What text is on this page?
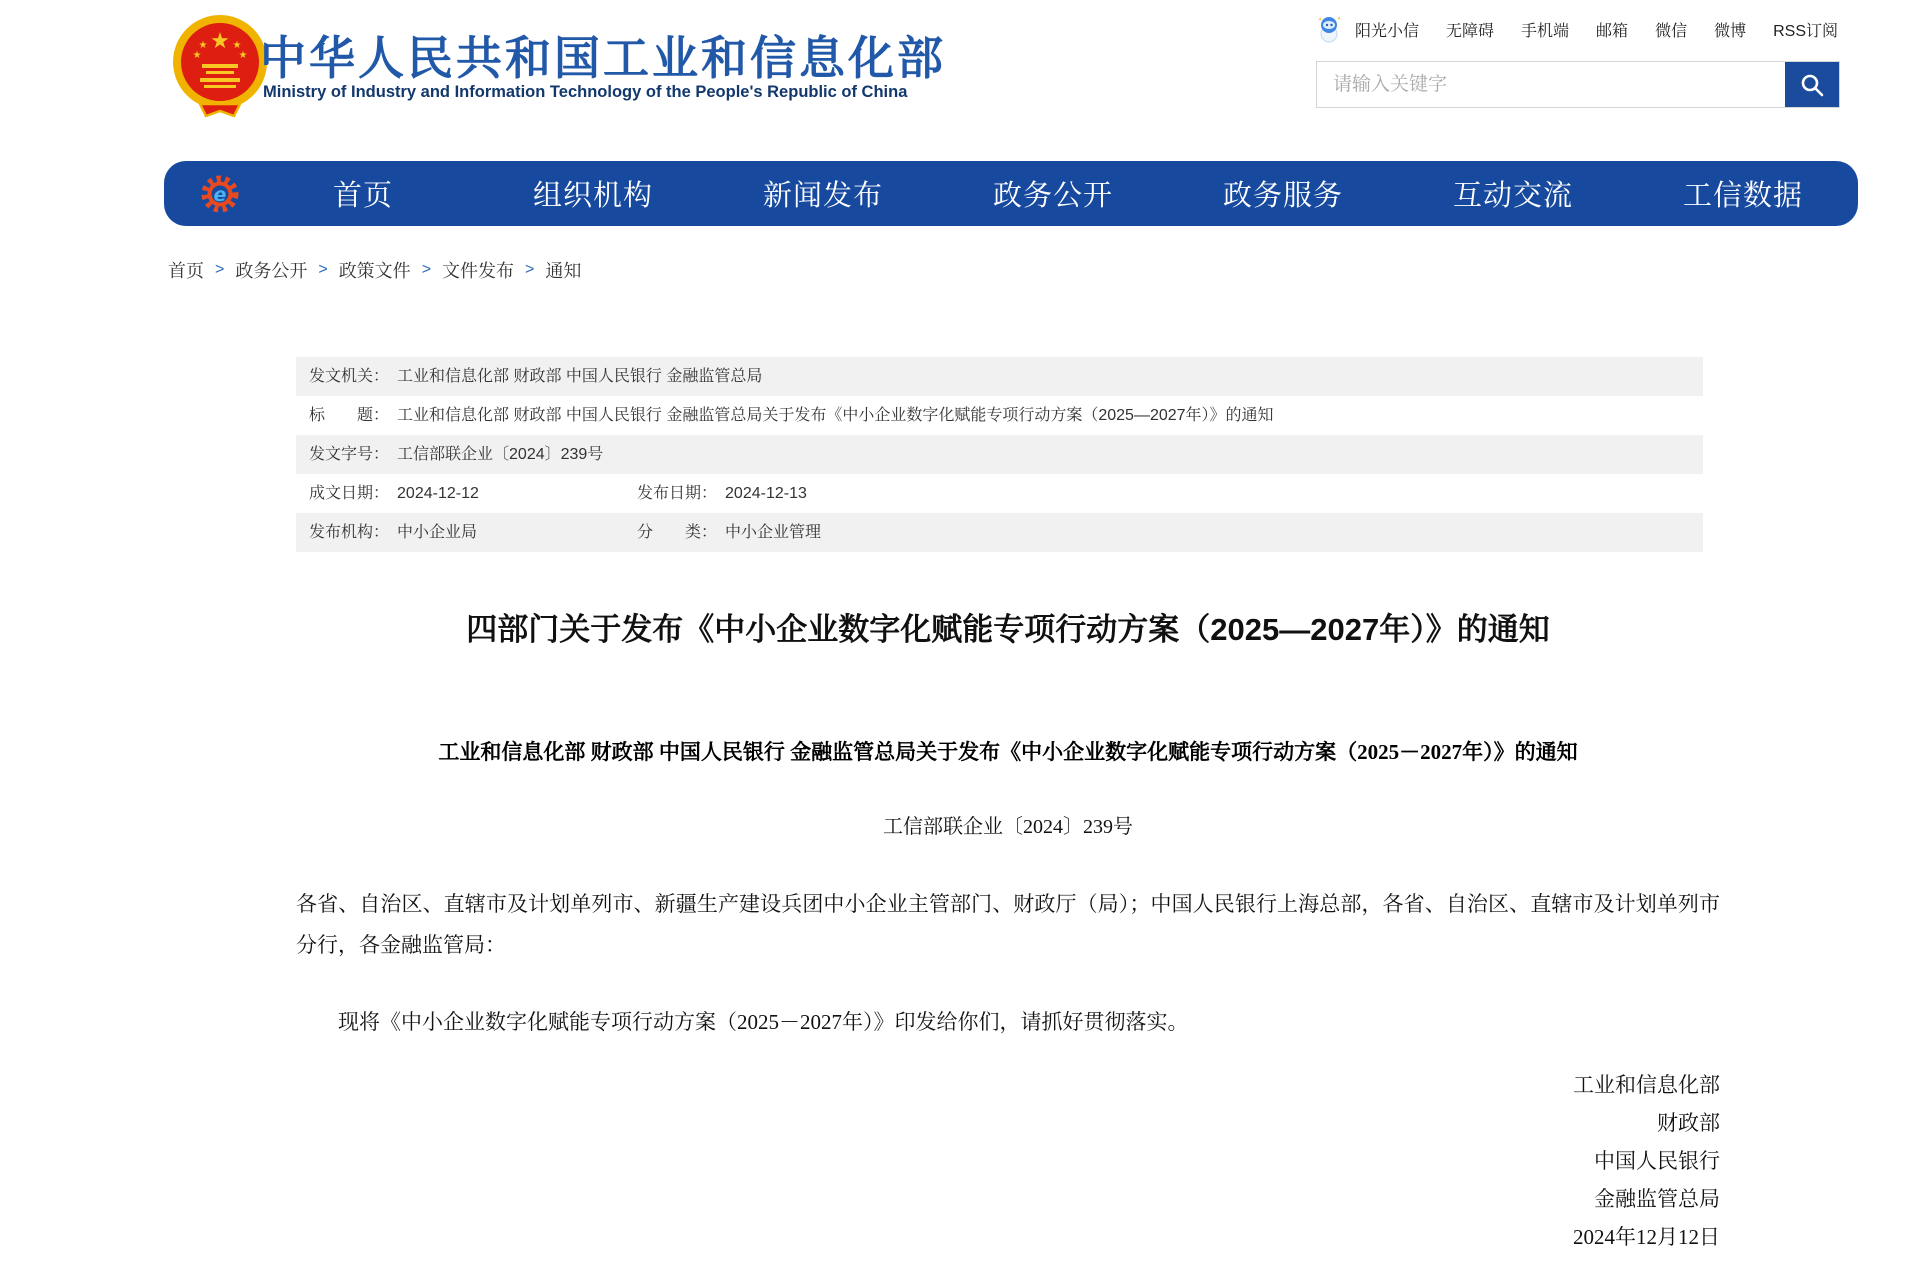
★
★	★
★	★ 中华人民共和国工业和信息化部
Ministry of Industry and Information Technology of the People's Republic of China
✦	✦
阳光小信 无障碍 手机端 邮箱 微信 微博 RSS订阅
请输入关键字
e	首页	组织机构	新闻发布	政务公开	政务服务	互动交流	工信数据
首页 > 政务公开 > 政策文件 > 文件发布 > 通知
发文机关： 工业和信息化部 财政部 中国人民银行 金融监管总局
标　　题： 工业和信息化部 财政部 中国人民银行 金融监管总局关于发布《中小企业数字化赋能专项行动方案（2025—2027年）》的通知
发文字号： 工信部联企业〔2024〕239号
成文日期： 2024-12-12	发布日期： 2024-12-13
发布机构： 中小企业局	分　　类： 中小企业管理
四部门关于发布《中小企业数字化赋能专项行动方案（2025—2027年）》的通知
工业和信息化部 财政部 中国人民银行 金融监管总局关于发布《中小企业数字化赋能专项行动方案（2025－2027年）》的通知
工信部联企业〔2024〕239号
各省、自治区、直辖市及计划单列市、新疆生产建设兵团中小企业主管部门、财政厅（局）；中国人民银行上海总部，各省、自治区、直辖市及计划单列市分行，各金融监管局：
现将《中小企业数字化赋能专项行动方案（2025－2027年）》印发给你们，请抓好贯彻落实。
工业和信息化部
财政部
中国人民银行
金融监管总局
2024年12月12日
